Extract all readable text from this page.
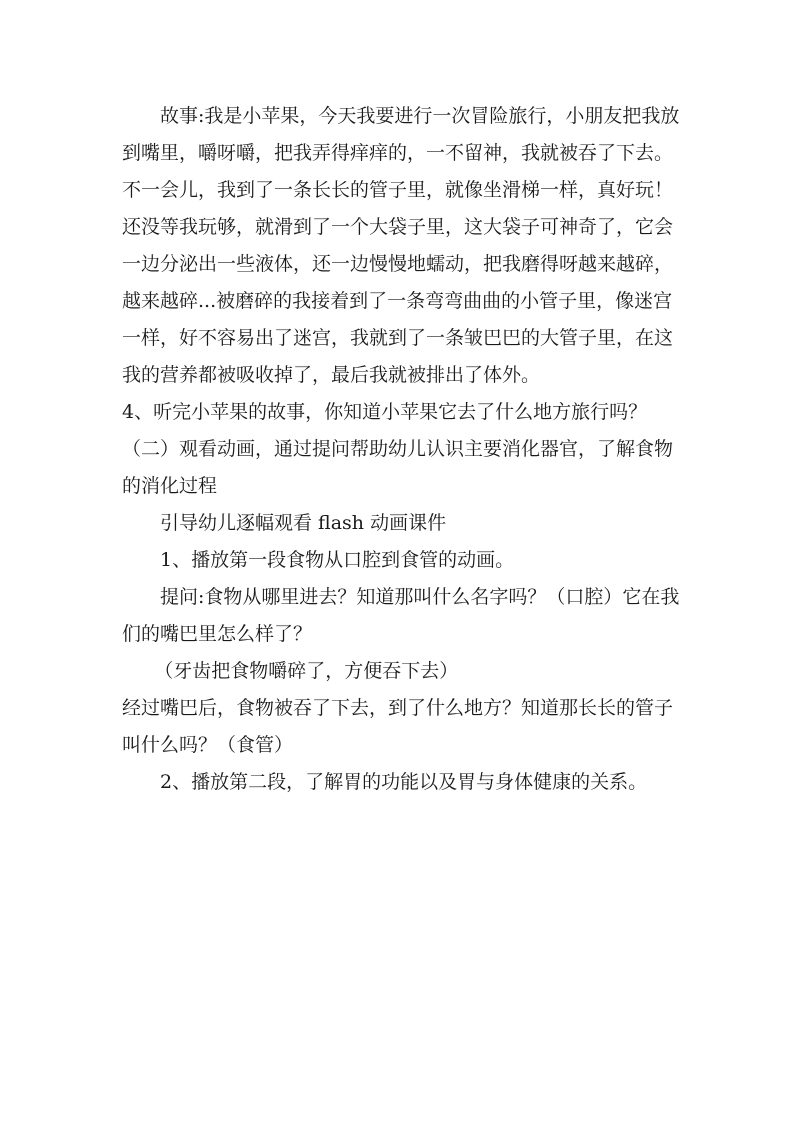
故事:我是小苹果，今天我要进行一次冒险旅行，小朋友把我放到嘴里，嚼呀嚼，把我弄得痒痒的，一不留神，我就被吞了下去。不一会儿，我到了一条长长的管子里，就像坐滑梯一样，真好玩！还没等我玩够，就滑到了一个大袋子里，这大袋子可神奇了，它会一边分泌出一些液体，还一边慢慢地蠕动，把我磨得呀越来越碎，越来越碎...被磨碎的我接着到了一条弯弯曲曲的小管子里，像迷宫一样，好不容易出了迷宫，我就到了一条皱巴巴的大管子里，在这我的营养都被吸收掉了，最后我就被排出了体外。

4、听完小苹果的故事，你知道小苹果它去了什么地方旅行吗？

（二）观看动画，通过提问帮助幼儿认识主要消化器官，了解食物的消化过程

引导幼儿逐幅观看 flash 动画课件

1、播放第一段食物从口腔到食管的动画。

提问:食物从哪里进去？知道那叫什么名字吗？（口腔）它在我们的嘴巴里怎么样了？

（牙齿把食物嚼碎了，方便吞下去）

经过嘴巴后，食物被吞了下去，到了什么地方？知道那长长的管子叫什么吗？（食管）

2、播放第二段，了解胃的功能以及胃与身体健康的关系。
